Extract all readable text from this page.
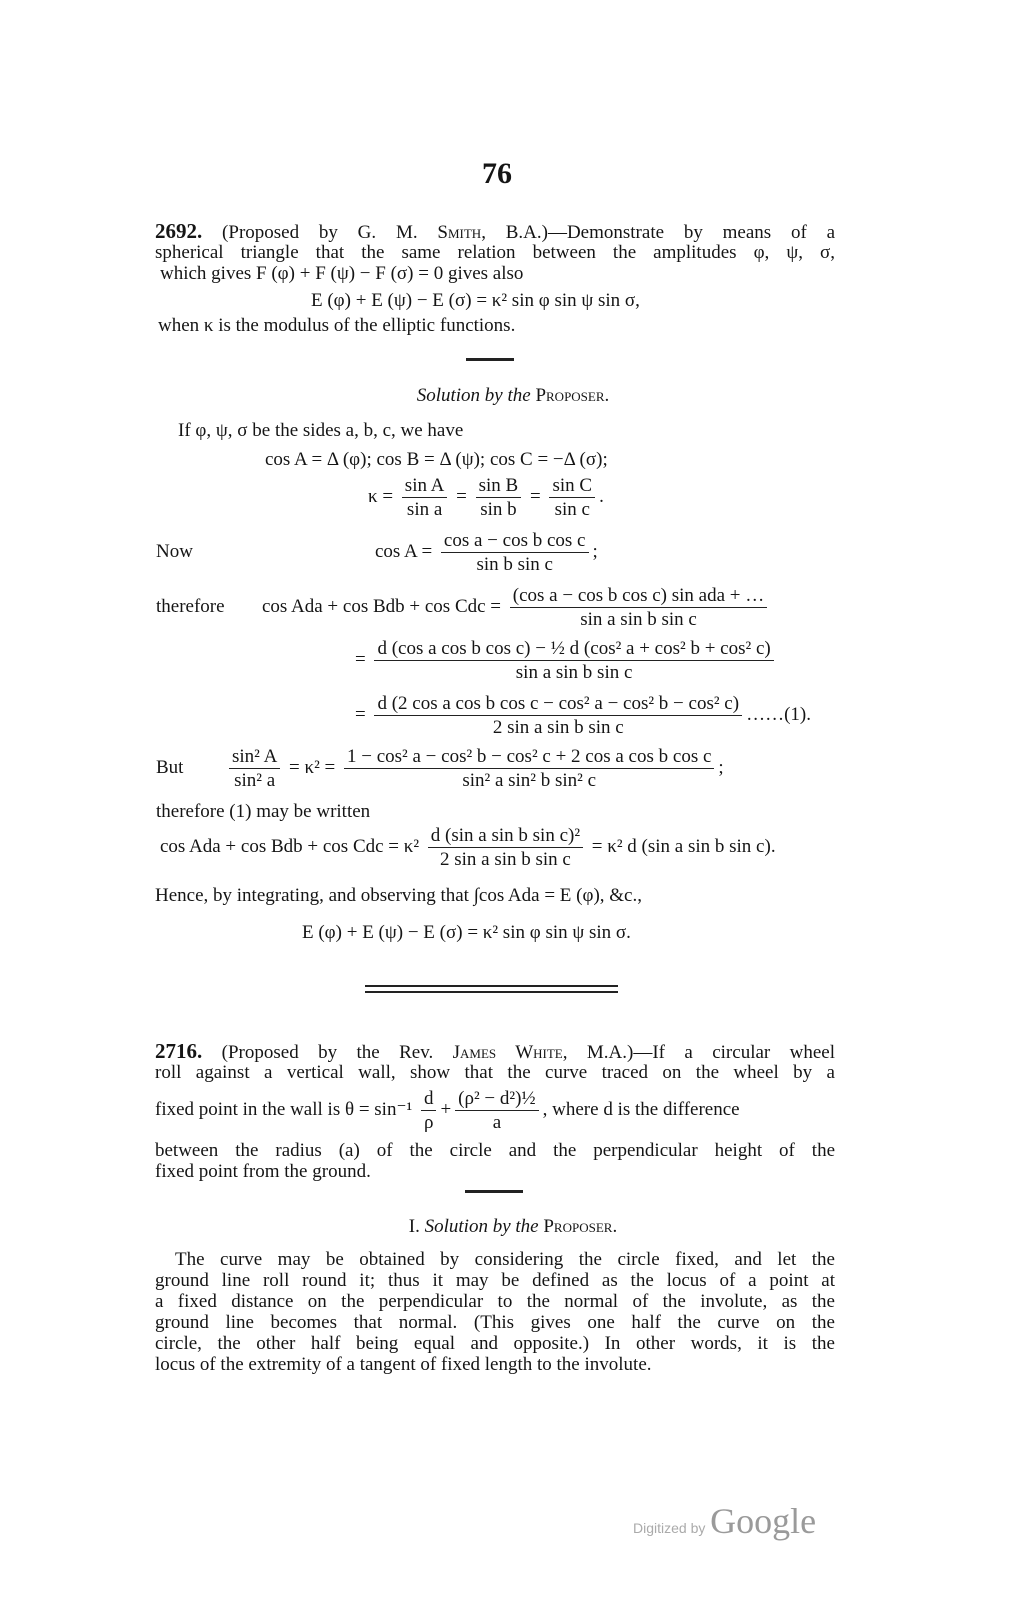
76
2692. (Proposed by G. M. Smith, B.A.)—Demonstrate by means of a
spherical triangle that the same relation between the amplitudes φ, ψ, σ,
which gives F (φ) + F (ψ) − F (σ) = 0 gives also
E (φ) + E (ψ) − E (σ) = κ² sin φ sin ψ sin σ,
when κ is the modulus of the elliptic functions.
Solution by the Proposer.
If φ, ψ, σ be the sides a, b, c, we have
cos A = Δ (φ); cos B = Δ (ψ); cos C = −Δ (σ);
$\kappa = \frac{\text{sin A}}{\text{sin a}} = \frac{\text{sin B}}{\text{sin b}} = \frac{\text{sin C}}{\text{sin c}}$ .
Now	$\cos A = \frac{\text{cos a − cos b cos c}}{\text{sin b sin c}}$ ;
therefore cos Ada + cos Bdb + cos Cdc = $\frac{\text{(cos a − cos b cos c) sin ada + …}}{\text{sin a sin b sin c}}$
= $\frac{\text{d (cos a cos b cos c) − ½ d (cos² a + cos² b + cos² c)}}{\text{sin a sin b sin c}}$
= $\frac{\text{d (2 cos a cos b cos c − cos² a − cos² b − cos² c)}}{\text{2 sin a sin b sin c}}$ ……(1).
But $\frac{\text{sin² A}}{\text{sin² a}} = \kappa^2 = \frac{\text{1 − cos² a − cos² b − cos² c + 2 cos a cos b cos c}}{\text{sin² a sin² b sin² c}}$ ;
therefore (1) may be written
cos Ada + cos Bdb + cos Cdc = $\kappa^2 \frac{\text{d (sin a sin b sin c)²}}{\text{2 sin a sin b sin c}} = \kappa^2$ d (sin a sin b sin c).
Hence, by integrating, and observing that ∫cos Ada = E (φ), &c.,
E (φ) + E (ψ) − E (σ) = κ² sin φ sin ψ sin σ.
2716. (Proposed by the Rev. James White, M.A.)—If a circular wheel
roll against a vertical wall, show that the curve traced on the wheel by a
fixed point in the wall is $\theta = \sin^{-1} \frac{d}{\rho} + \frac{\text{(ρ² − d²)½}}{a}$ , where d is the difference
between the radius (a) of the circle and the perpendicular height of the
fixed point from the ground.
I. Solution by the Proposer.
The curve may be obtained by considering the circle fixed, and let the
ground line roll round it; thus it may be defined as the locus of a point at
a fixed distance on the perpendicular to the normal of the involute, as the
ground line becomes that normal. (This gives one half the curve on the
circle, the other half being equal and opposite.) In other words, it is the
locus of the extremity of a tangent of fixed length to the involute.
Digitized by Google
